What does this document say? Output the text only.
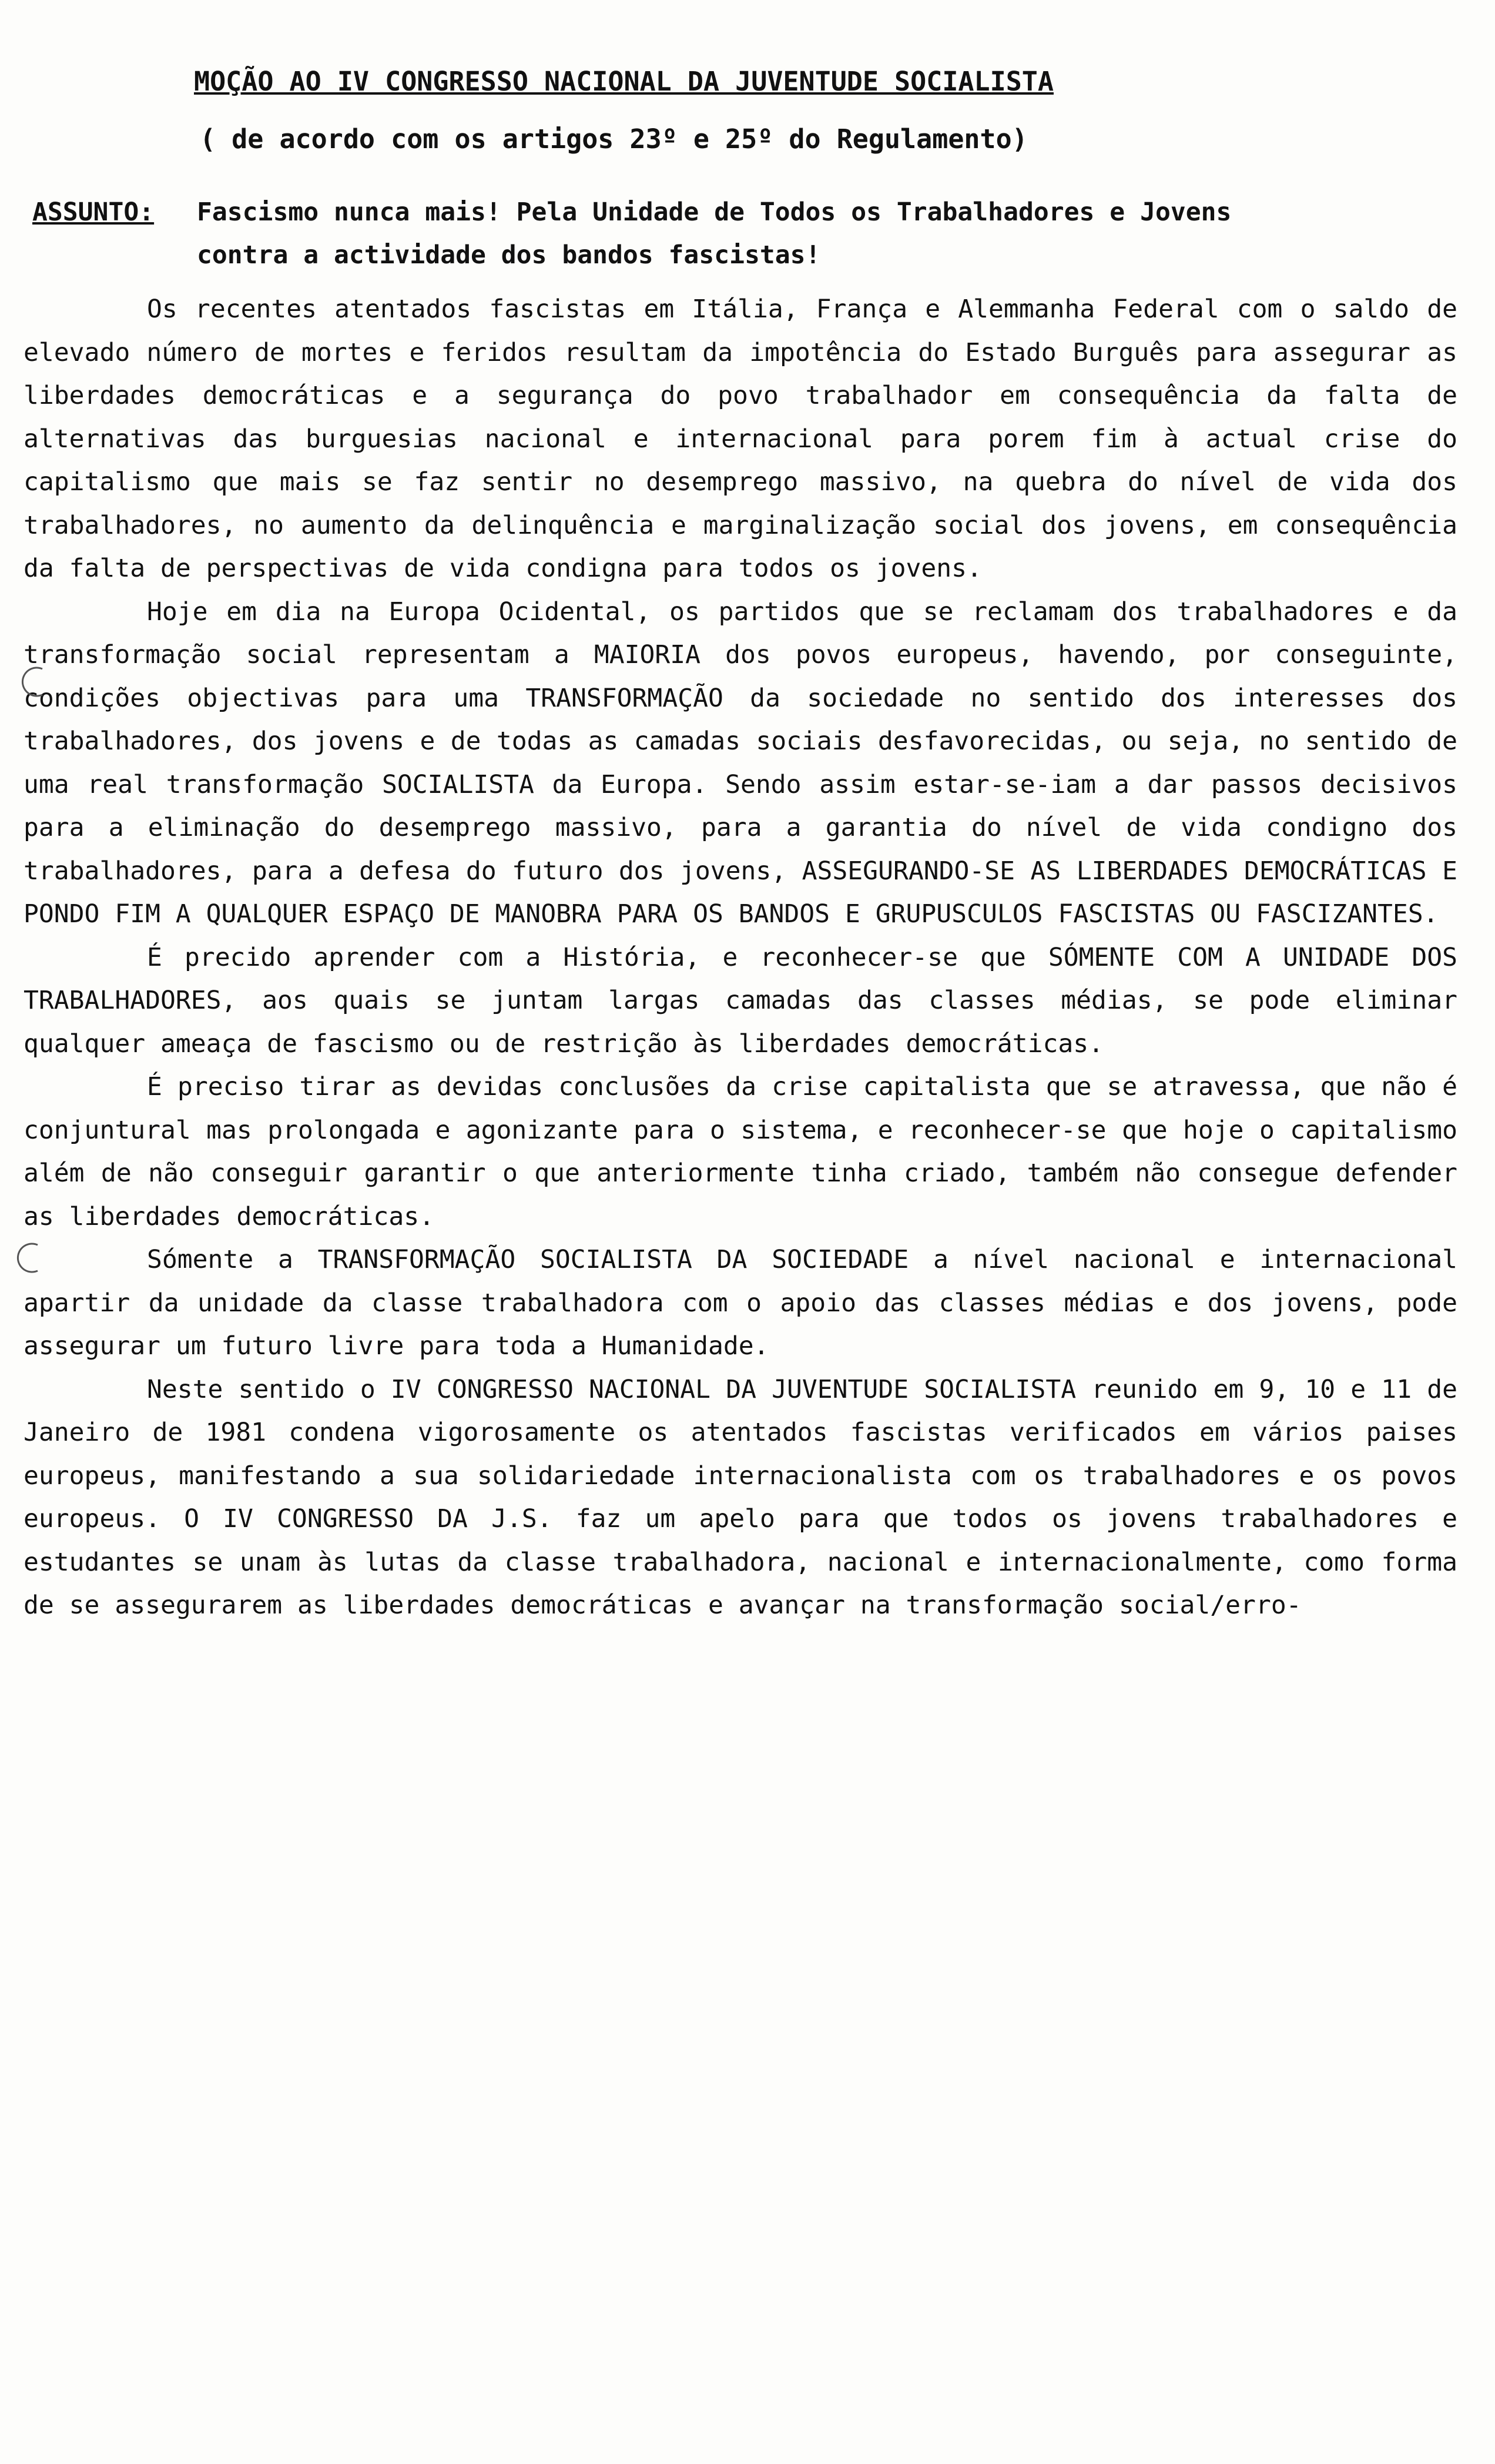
MOÇÃO AO IV CONGRESSO NACIONAL DA JUVENTUDE SOCIALISTA
( de acordo com os artigos 23º e 25º do Regulamento)
ASSUNTO: Fascismo nunca mais! Pela Unidade de Todos os Trabalhadores e Jovens
contra a actividade dos bandos fascistas!

Os recentes atentados fascistas em Itália, França e Alemmanha Federal com o saldo de elevado número de mortes e feridos resultam da impotência do Estado Burguês para assegurar as liberdades democráticas e a segurança do povo trabalhador em consequência da falta de alternativas das burguesias nacional e internacional para porem fim à actual crise do capitalismo que mais se faz sentir no desemprego massivo, na quebra do nível de vida dos trabalhadores, no aumento da delinquência e marginalização social dos jovens, em consequência da falta de perspectivas de vida condigna para todos os jovens.

Hoje em dia na Europa Ocidental, os partidos que se reclamam dos trabalhadores e da transformação social representam a MAIORIA dos povos europeus, havendo, por conseguinte, condições objectivas para uma TRANSFORMAÇÃO da sociedade no sentido dos interesses dos trabalhadores, dos jovens e de todas as camadas sociais desfavorecidas, ou seja, no sentido de uma real transformação SOCIALISTA da Europa. Sendo assim estar-se-iam a dar passos decisivos para a eliminação do desemprego massivo, para a garantia do nível de vida condigno dos trabalhadores, para a defesa do futuro dos jovens, ASSEGURANDO-SE AS LIBERDADES DEMOCRÁTICAS E PONDO FIM A QUALQUER ESPAÇO DE MANOBRA PARA OS BANDOS E GRUPUSCULOS FASCISTAS OU FASCIZANTES.

É precido aprender com a História, e reconhecer-se que SÓMENTE COM A UNIDADE DOS TRABALHADORES, aos quais se juntam largas camadas das classes médias, se pode eliminar qualquer ameaça de fascismo ou de restrição às liberdades democráticas.

É preciso tirar as devidas conclusões da crise capitalista que se atravessa, que não é conjuntural mas prolongada e agonizante para o sistema, e reconhecer-se que hoje o capitalismo além de não conseguir garantir o que anteriormente tinha criado, também não consegue defender as liberdades democráticas.

Sómente a TRANSFORMAÇÃO SOCIALISTA DA SOCIEDADE a nível nacional e internacional apartir da unidade da classe trabalhadora com o apoio das classes médias e dos jovens, pode assegurar um futuro livre para toda a Humanidade.

Neste sentido o IV CONGRESSO NACIONAL DA JUVENTUDE SOCIALISTA reunido em 9, 10 e 11 de Janeiro de 1981 condena vigorosamente os atentados fascistas verificados em vários paises europeus, manifestando a sua solidariedade internacionalista com os trabalhadores e os povos europeus. O IV CONGRESSO DA J.S. faz um apelo para que todos os jovens trabalhadores e estudantes se unam às lutas da classe trabalhadora, nacional e internacionalmente, como forma de se assegurarem as liberdades democráticas e avançar na transformação social/erro-
